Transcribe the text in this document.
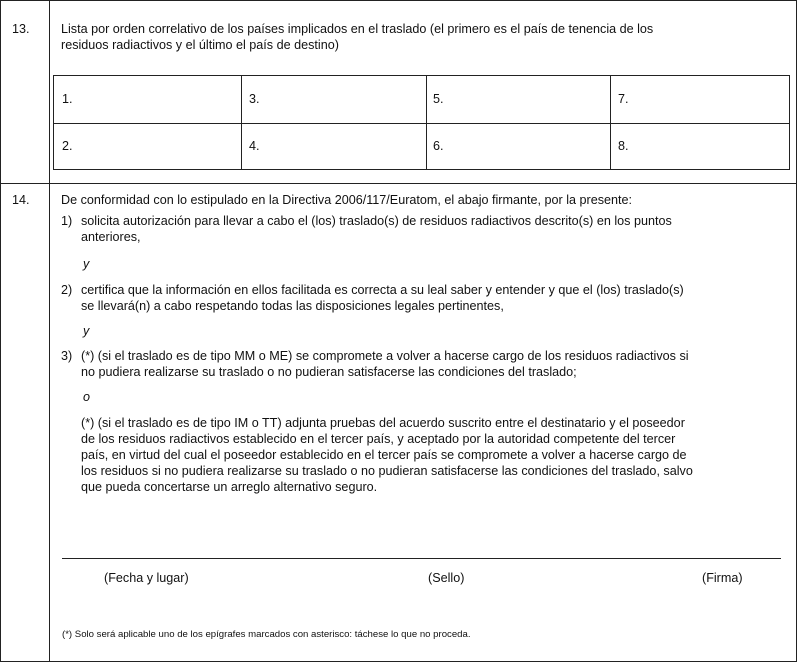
13. Lista por orden correlativo de los países implicados en el traslado (el primero es el país de tenencia de los
residuos radiactivos y el último el país de destino)
1.	3.	5.	7.
2.	4.	6.	8.
14. De conformidad con lo estipulado en la Directiva 2006/117/Euratom, el abajo firmante, por la presente:
1) solicita autorización para llevar a cabo el (los) traslado(s) de residuos radiactivos descrito(s) en los puntos
anteriores,
y
2) certifica que la información en ellos facilitada es correcta a su leal saber y entender y que el (los) traslado(s)
se llevará(n) a cabo respetando todas las disposiciones legales pertinentes,
y
3) (*) (si el traslado es de tipo MM o ME) se compromete a volver a hacerse cargo de los residuos radiactivos si
no pudiera realizarse su traslado o no pudieran satisfacerse las condiciones del traslado;
o
(*) (si el traslado es de tipo IM o TT) adjunta pruebas del acuerdo suscrito entre el destinatario y el poseedor
de los residuos radiactivos establecido en el tercer país, y aceptado por la autoridad competente del tercer
país, en virtud del cual el poseedor establecido en el tercer país se compromete a volver a hacerse cargo de
los residuos si no pudiera realizarse su traslado o no pudieran satisfacerse las condiciones del traslado, salvo
que pueda concertarse un arreglo alternativo seguro.
(Fecha y lugar)	(Sello)	(Firma)
(*) Solo será aplicable uno de los epígrafes marcados con asterisco: táchese lo que no proceda.
